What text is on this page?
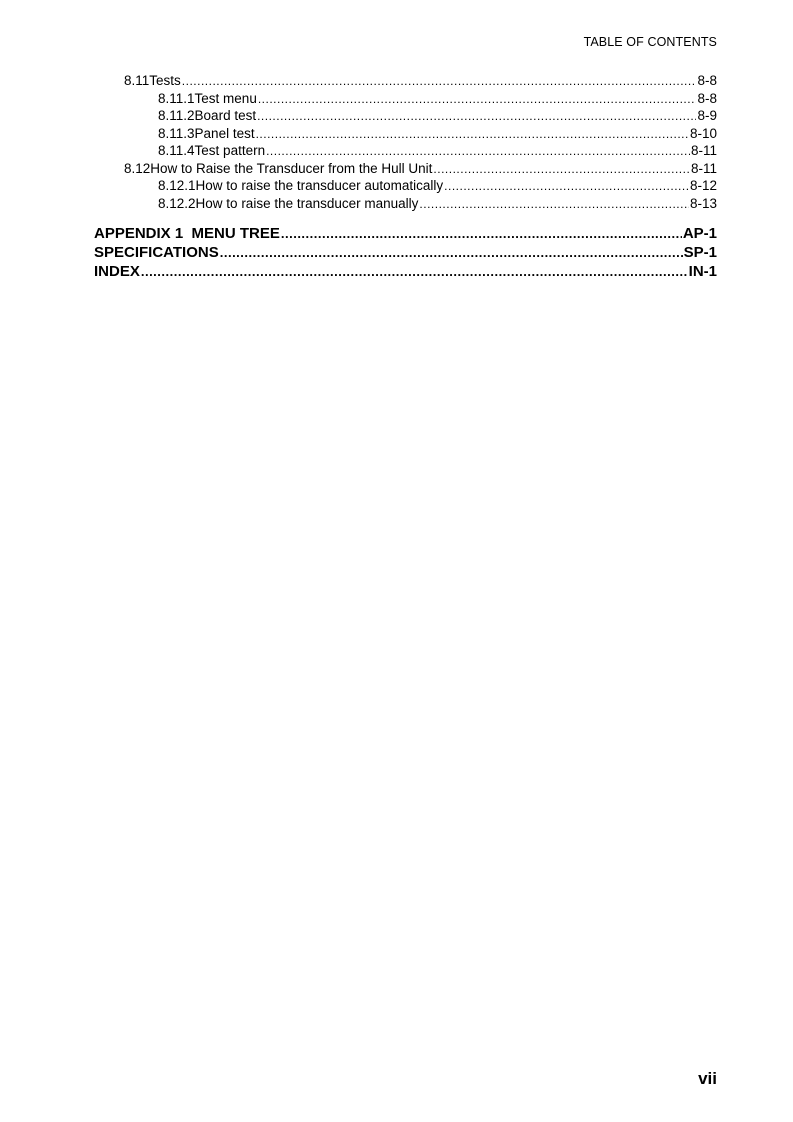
TABLE OF CONTENTS
8.11 Tests .....	8-8
8.11.1 Test menu .....	8-8
8.11.2 Board test .....	8-9
8.11.3 Panel test .....	8-10
8.11.4 Test pattern .....	8-11
8.12 How to Raise the Transducer from the Hull Unit .....	8-11
8.12.1 How to raise the transducer automatically .....	8-12
8.12.2 How to raise the transducer manually .....	8-13
APPENDIX 1  MENU TREE .....	AP-1
SPECIFICATIONS .....	SP-1
INDEX .....	IN-1
vii
